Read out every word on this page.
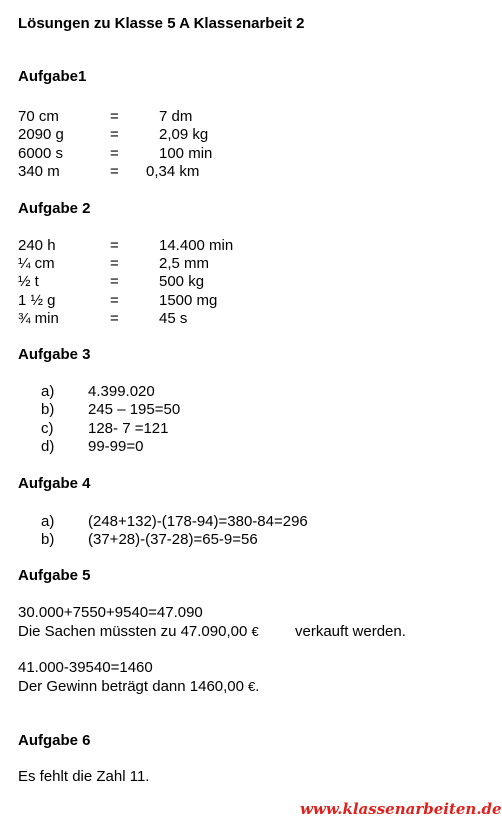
Lösungen zu Klasse 5 A Klassenarbeit 2
Aufgabe1
70 cm	=	7 dm
2090 g	=	2,09 kg
6000 s	=	100 min
340 m	= 0,34 km
Aufgabe 2
240 h	=	14.400 min
¼ cm	=	2,5 mm
½ t	=	500 kg
1 ½ g	=	1500 mg
¾ min	=	45 s
Aufgabe 3
a) 4.399.020
b) 245 – 195=50
c) 128- 7 =121
d) 99-99=0
Aufgabe 4
a) (248+132)-(178-94)=380-84=296
b) (37+28)-(37-28)=65-9=56
Aufgabe 5
30.000+7550+9540=47.090
Die Sachen müssten zu 47.090,00 € verkauft werden.
41.000-39540=1460
Der Gewinn beträgt dann 1460,00 €.
Aufgabe 6
Es fehlt die Zahl 11.
www.klassenarbeiten.de
